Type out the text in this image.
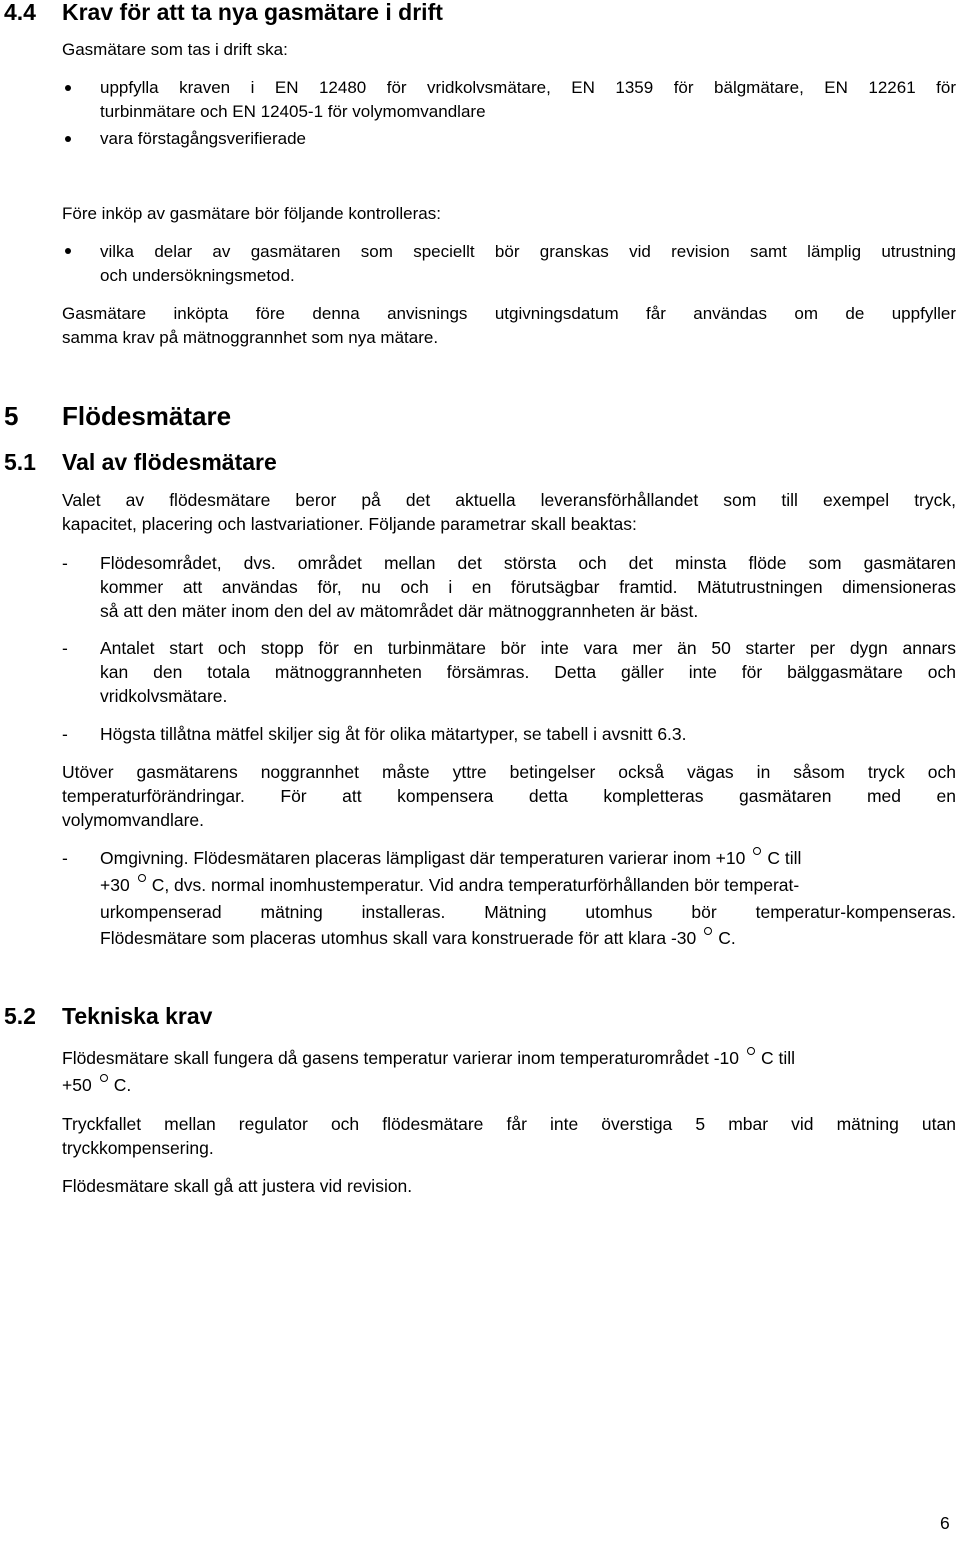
4.4 Krav för att ta nya gasmätare i drift
Gasmätare som tas i drift ska:
uppfylla kraven i EN 12480 för vridkolvsmätare, EN 1359 för bälgmätare, EN 12261 för
turbinmätare och EN 12405-1 för volymomvandlare
vara förstagångsverifierade
Före inköp av gasmätare bör följande kontrolleras:
vilka delar av gasmätaren som speciellt bör granskas vid revision samt lämplig utrustning
och undersökningsmetod.
Gasmätare inköpta före denna anvisnings utgivningsdatum får användas om de uppfyller
samma krav på mätnoggrannhet som nya mätare.
5 Flödesmätare
5.1 Val av flödesmätare
Valet av flödesmätare beror på det aktuella leveransförhållandet som till exempel tryck,
kapacitet, placering och lastvariationer. Följande parametrar skall beaktas:
- Flödesområdet, dvs. området mellan det största och det minsta flöde som gasmätaren
kommer att användas för, nu och i en förutsägbar framtid. Mätutrustningen dimensioneras
så att den mäter inom den del av mätområdet där mätnoggrannheten är bäst.
- Antalet start och stopp för en turbinmätare bör inte vara mer än 50 starter per dygn annars
kan den totala mätnoggrannheten försämras. Detta gäller inte för bälggasmätare och
vridkolvsmätare.
- Högsta tillåtna mätfel skiljer sig åt för olika mätartyper, se tabell i avsnitt 6.3.
Utöver gasmätarens noggrannhet måste yttre betingelser också vägas in såsom tryck och
temperaturförändringar. För att kompensera detta kompletteras gasmätaren med en
volymomvandlare.
- Omgivning. Flödesmätaren placeras lämpligast där temperaturen varierar inom +10 C till
+30 C, dvs. normal inomhustemperatur. Vid andra temperaturförhållanden bör temperat-
urkompenserad mätning installeras. Mätning utomhus bör temperatur-kompenseras.
Flödesmätare som placeras utomhus skall vara konstruerade för att klara -30 C.
5.2 Tekniska krav
Flödesmätare skall fungera då gasens temperatur varierar inom temperaturområdet -10 C till
+50 C.
Tryckfallet mellan regulator och flödesmätare får inte överstiga 5 mbar vid mätning utan
tryckkompensering.
Flödesmätare skall gå att justera vid revision.
6
